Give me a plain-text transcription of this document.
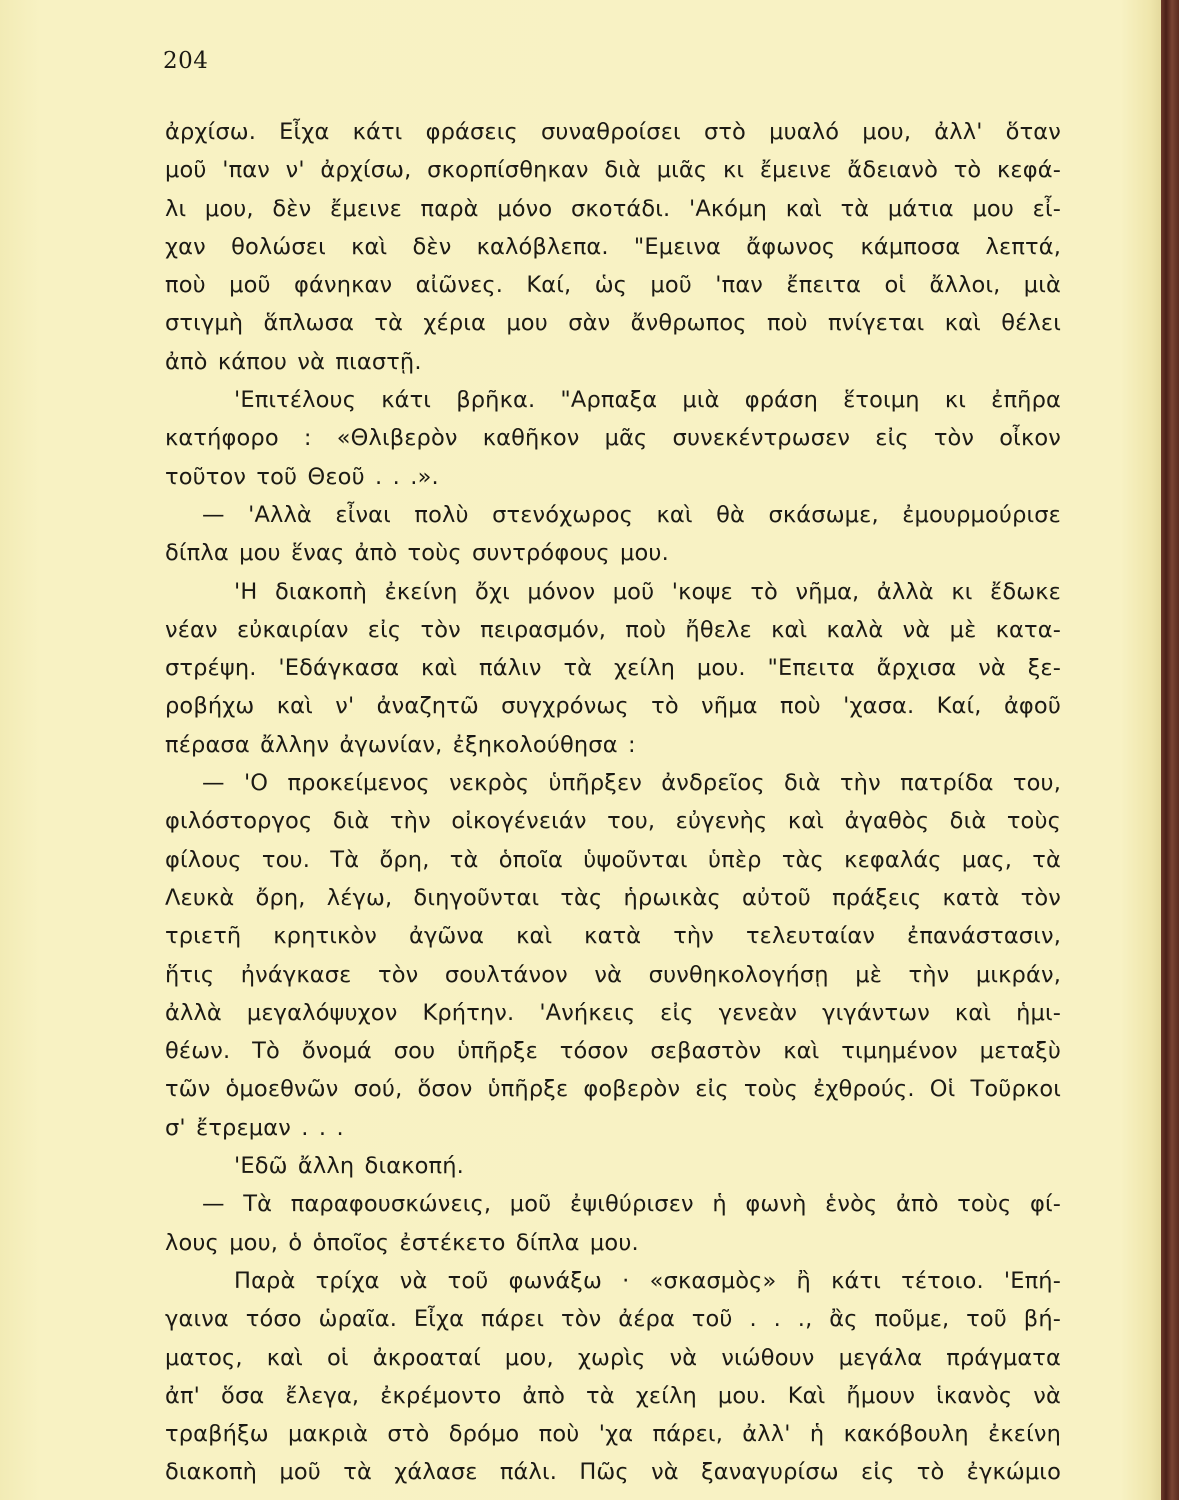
204
ἀρχίσω. Εἶχα κάτι φράσεις συναθροίσει στὸ μυαλό μου, ἀλλ' ὅταν
μοῦ 'παν ν' ἀρχίσω, σκορπίσθηκαν διὰ μιᾶς κι ἔμεινε ἄδειανὸ τὸ κεφά-
λι μου, δὲν ἔμεινε παρὰ μόνο σκοτάδι. 'Ακόμη καὶ τὰ μάτια μου εἶ-
χαν θολώσει καὶ δὲν καλόβλεπα. "Εμεινα ἄφωνος κάμποσα λεπτά,
ποὺ μοῦ φάνηκαν αἰῶνες. Καί, ὡς μοῦ 'παν ἔπειτα οἱ ἄλλοι, μιὰ
στιγμὴ ἅπλωσα τὰ χέρια μου σὰν ἄνθρωπος ποὺ πνίγεται καὶ θέλει
ἀπὸ κάπου νὰ πιαστῇ.
'Επιτέλους κάτι βρῆκα. "Αρπαξα μιὰ φράση ἕτοιμη κι ἐπῆρα
κατήφορο : «Θλιβερὸν καθῆκον μᾶς συνεκέντρωσεν εἰς τὸν οἶκον
τοῦτον τοῦ Θεοῦ . . .».
— 'Αλλὰ εἶναι πολὺ στενόχωρος καὶ θὰ σκάσωμε, ἐμουρμούρισε
δίπλα μου ἕνας ἀπὸ τοὺς συντρόφους μου.
'Η διακοπὴ ἐκείνη ὄχι μόνον μοῦ 'κοψε τὸ νῆμα, ἀλλὰ κι ἔδωκε
νέαν εὐκαιρίαν εἰς τὸν πειρασμόν, ποὺ ἤθελε καὶ καλὰ νὰ μὲ κατα-
στρέψη. 'Εδάγκασα καὶ πάλιν τὰ χείλη μου. "Επειτα ἄρχισα νὰ ξε-
ροβήχω καὶ ν' ἀναζητῶ συγχρόνως τὸ νῆμα ποὺ 'χασα. Καί, ἀφοῦ
πέρασα ἄλλην ἀγωνίαν, ἐξηκολούθησα :
— 'Ο προκείμενος νεκρὸς ὑπῆρξεν ἀνδρεῖος διὰ τὴν πατρίδα του,
φιλόστοργος διὰ τὴν οἰκογένειάν του, εὐγενὴς καὶ ἀγαθὸς διὰ τοὺς
φίλους του. Τὰ ὄρη, τὰ ὁποῖα ὑψοῦνται ὑπὲρ τὰς κεφαλάς μας, τὰ
Λευκὰ ὄρη, λέγω, διηγοῦνται τὰς ἡρωικὰς αὐτοῦ πράξεις κατὰ τὸν
τριετῆ κρητικὸν ἀγῶνα καὶ κατὰ τὴν τελευταίαν ἐπανάστασιν,
ἥτις ἠνάγκασε τὸν σουλτάνον νὰ συνθηκολογήσῃ μὲ τὴν μικράν,
ἀλλὰ μεγαλόψυχον Κρήτην. 'Ανήκεις εἰς γενεὰν γιγάντων καὶ ἡμι-
θέων. Τὸ ὄνομά σου ὑπῆρξε τόσον σεβαστὸν καὶ τιμημένον μεταξὺ
τῶν ὁμοεθνῶν σού, ὅσον ὑπῆρξε φοβερὸν εἰς τοὺς ἐχθρούς. Οἱ Τοῦρκοι
σ' ἔτρεμαν . . .
'Εδῶ ἄλλη διακοπή.
— Τὰ παραφουσκώνεις, μοῦ ἐψιθύρισεν ἡ φωνὴ ἑνὸς ἀπὸ τοὺς φί-
λους μου, ὁ ὁποῖος ἐστέκετο δίπλα μου.
Παρὰ τρίχα νὰ τοῦ φωνάξω · «σκασμὸς» ἢ κάτι τέτοιο. 'Επή-
γαινα τόσο ὡραῖα. Εἶχα πάρει τὸν ἀέρα τοῦ . . ., ἂς ποῦμε, τοῦ βή-
ματος, καὶ οἱ ἀκροαταί μου, χωρὶς νὰ νιώθουν μεγάλα πράγματα
ἀπ' ὅσα ἔλεγα, ἐκρέμοντο ἀπὸ τὰ χείλη μου. Καὶ ἤμουν ἱκανὸς νὰ
τραβήξω μακριὰ στὸ δρόμο ποὺ 'χα πάρει, ἀλλ' ἡ κακόβουλη ἐκείνη
διακοπὴ μοῦ τὰ χάλασε πάλι. Πῶς νὰ ξαναγυρίσω εἰς τὸ ἐγκώμιο
